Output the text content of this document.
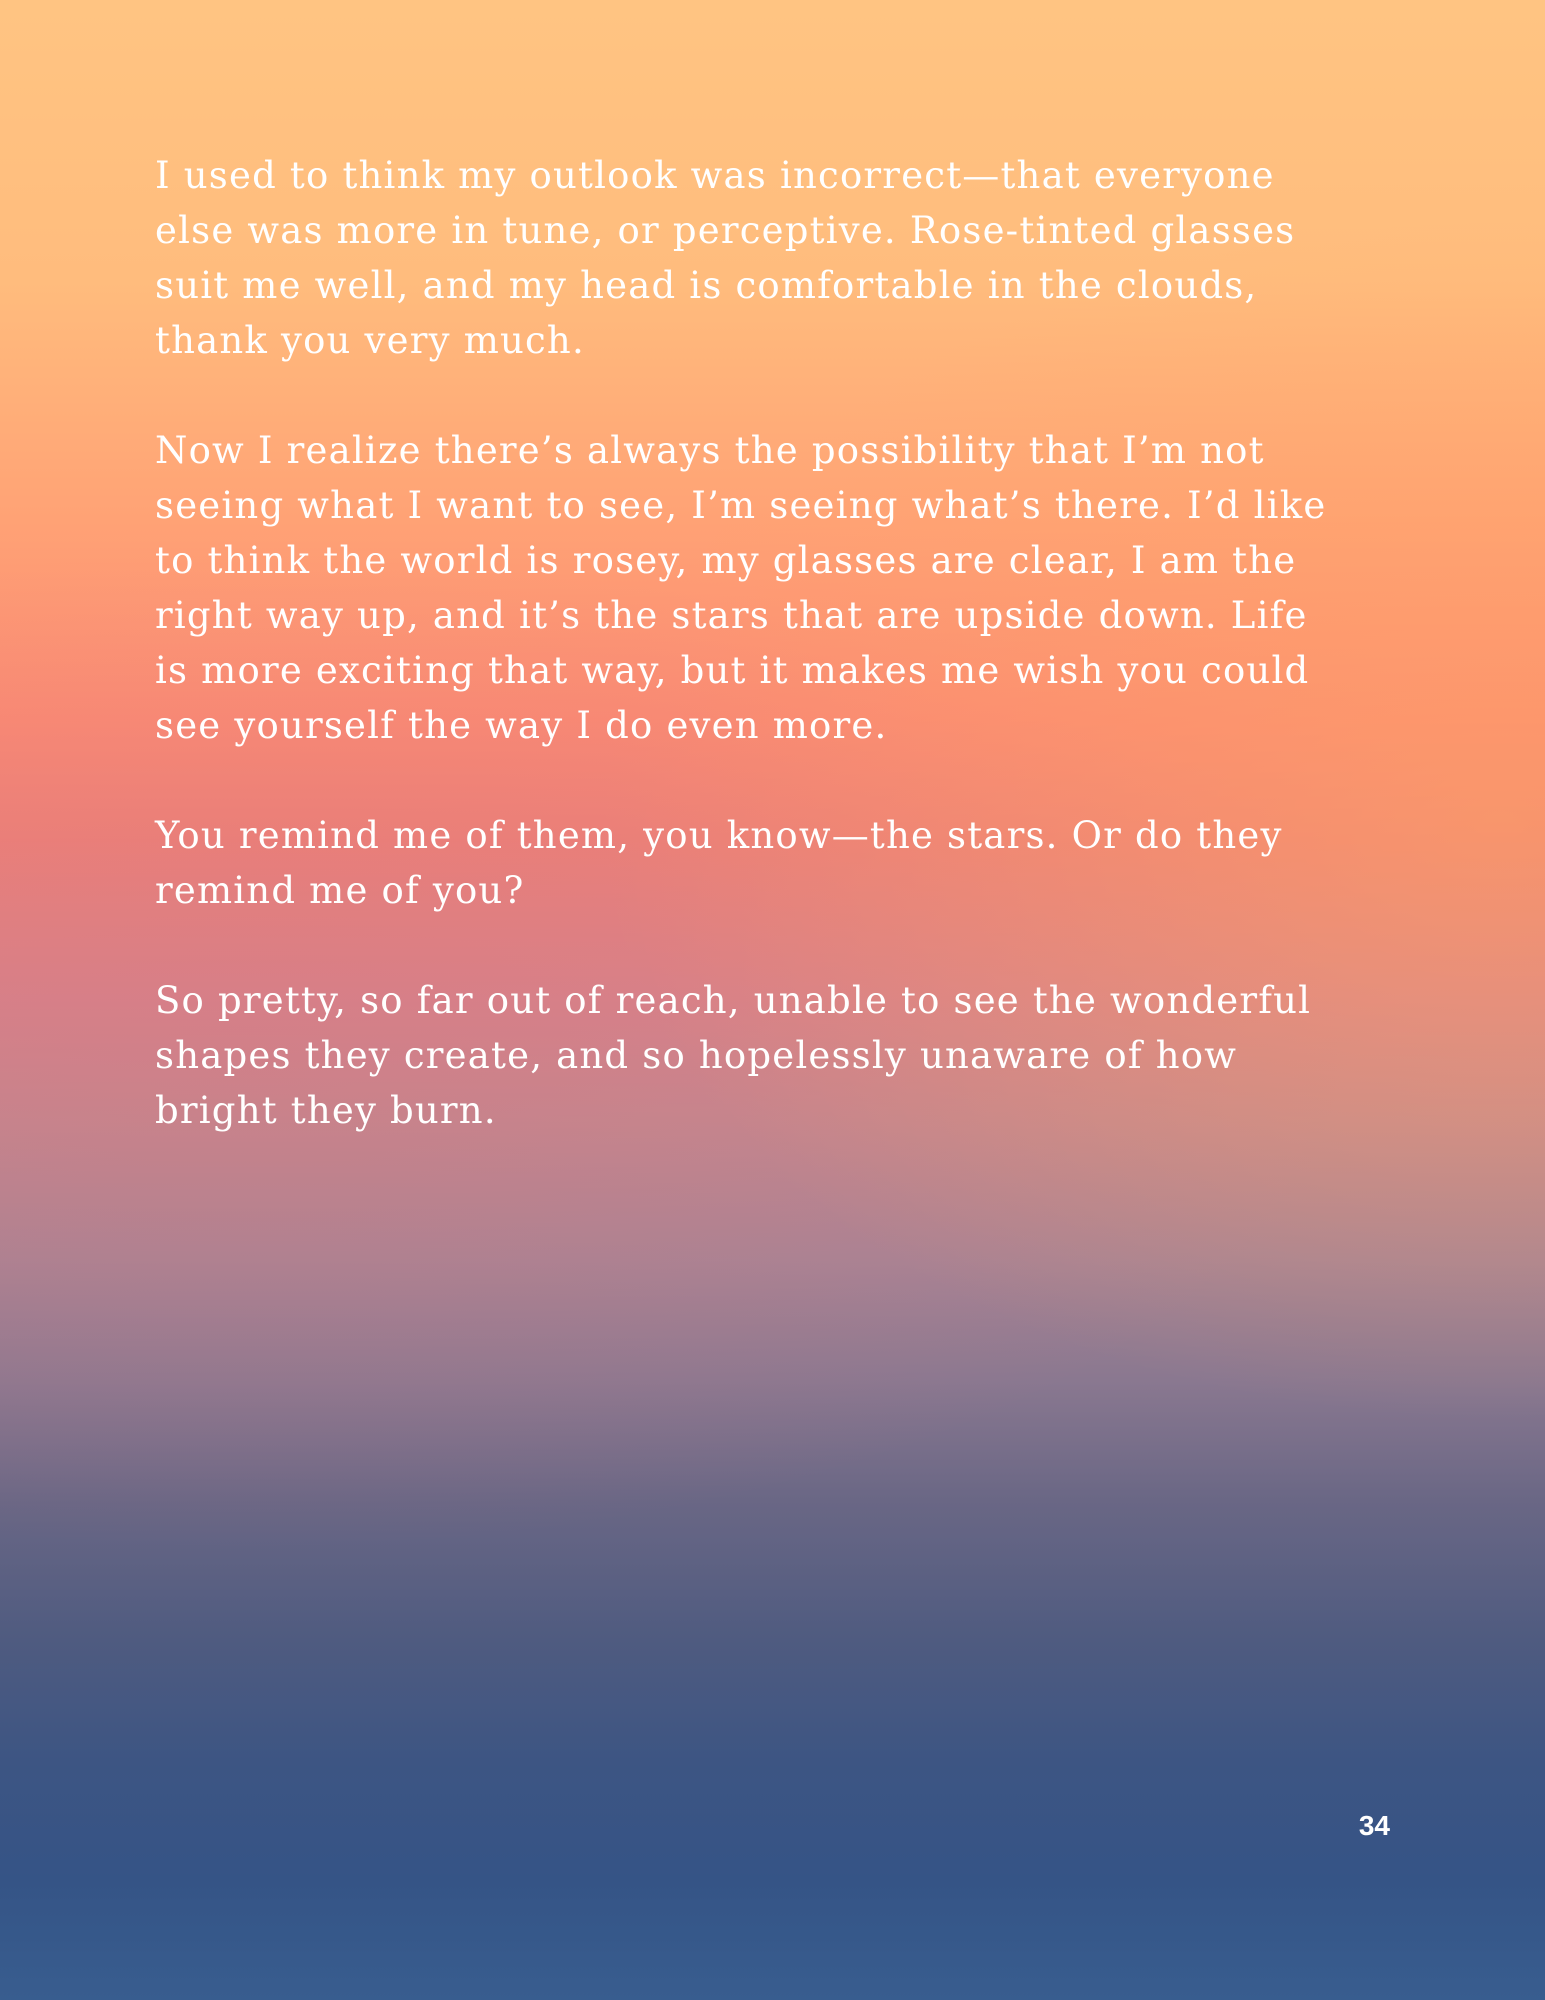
I used to think my outlook was incorrect—that everyone
else was more in tune, or perceptive. Rose-tinted glasses
suit me well, and my head is comfortable in the clouds,
thank you very much.

Now I realize there’s always the possibility that I’m not
seeing what I want to see, I’m seeing what’s there. I’d like
to think the world is rosey, my glasses are clear, I am the
right way up, and it’s the stars that are upside down. Life
is more exciting that way, but it makes me wish you could
see yourself the way I do even more.

You remind me of them, you know—the stars. Or do they
remind me of you?

So pretty, so far out of reach, unable to see the wonderful
shapes they create, and so hopelessly unaware of how
bright they burn.

34
